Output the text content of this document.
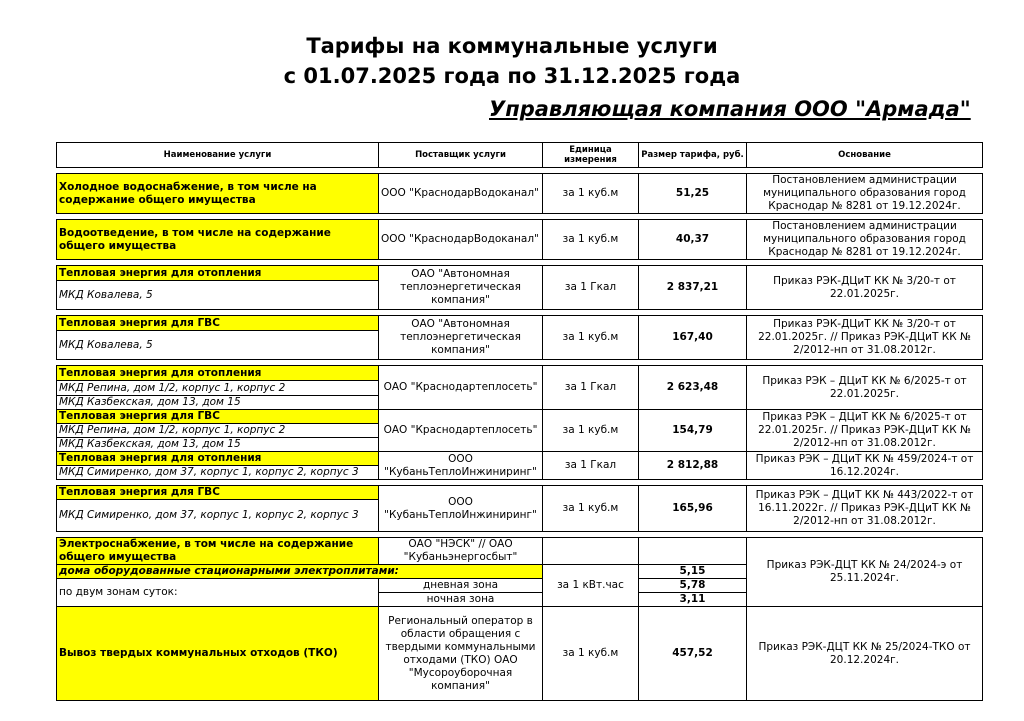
Тарифы на коммунальные услуги
с 01.07.2025 года по 31.12.2025 года
Управляющая компания ООО "Армада"
Наименование услуги	Поставщик услуги	Единица измерения	Размер тарифа, руб.	Основание

Холодное водоснабжение, в том числе на содержание общего имущества	ООО "КраснодарВодоканал"	за 1 куб.м	51,25	Постановлением администрации муниципального образования город Краснодар № 8281 от 19.12.2024г.

Водоотведение, в том числе на содержание общего имущества	ООО "КраснодарВодоканал"	за 1 куб.м	40,37	Постановлением администрации муниципального образования город Краснодар № 8281 от 19.12.2024г.

Тепловая энергия для отопления	ОАО "Автономная теплоэнергетическая компания"	за 1 Гкал	2 837,21	Приказ РЭК-ДЦиТ КК № 3/20-т от 22.01.2025г.
МКД Ковалева, 5				

Тепловая энергия для ГВС	ОАО "Автономная теплоэнергетическая компания"	за 1 куб.м	167,40	Приказ РЭК-ДЦиТ КК № 3/20-т от 22.01.2025г. // Приказ РЭК-ДЦиТ КК № 2/2012-нп от 31.08.2012г.
МКД Ковалева, 5				

Тепловая энергия для отопления	ОАО "Краснодартеплосеть"	за 1 Гкал	2 623,48	Приказ РЭК – ДЦиТ КК № 6/2025-т от 22.01.2025г.
МКД Репина, дом 1/2, корпус 1, корпус 2				
МКД Казбекская, дом 13, дом 15				
Тепловая энергия для ГВС	ОАО "Краснодартеплосеть"	за 1 куб.м	154,79	Приказ РЭК – ДЦиТ КК № 6/2025-т от 22.01.2025г. // Приказ РЭК-ДЦиТ КК № 2/2012-нп от 31.08.2012г.
МКД Репина, дом 1/2, корпус 1, корпус 2				
МКД Казбекская, дом 13, дом 15				
Тепловая энергия для отопления	ООО "КубаньТеплоИнжиниринг"	за 1 Гкал	2 812,88	Приказ РЭК – ДЦиТ КК № 459/2024-т от 16.12.2024г.
МКД Симиренко, дом 37, корпус 1, корпус 2, корпус 3				

Тепловая энергия для ГВС	ООО "КубаньТеплоИнжиниринг"	за 1 куб.м	165,96	Приказ РЭК – ДЦиТ КК № 443/2022-т от 16.11.2022г. // Приказ РЭК-ДЦиТ КК № 2/2012-нп от 31.08.2012г.
МКД Симиренко, дом 37, корпус 1, корпус 2, корпус 3				

Электроснабжение, в том числе на содержание общего имущества	ОАО "НЭСК" // ОАО "Кубаньэнергосбыт"			Приказ РЭК-ДЦТ КК № 24/2024-э от 25.11.2024г.
дома оборудованные стационарными электроплитами:		за 1 кВт.час	5,15	
по двум зонам суток:	дневная зона		5,78	
	ночная зона		3,11	
Вывоз твердых коммунальных отходов (ТКО)	Региональный оператор в области обращения с твердыми коммунальными отходами (ТКО) ОАО "Мусороуборочная компания"	за 1 куб.м	457,52	Приказ РЭК-ДЦТ КК № 25/2024-ТКО от 20.12.2024г.
